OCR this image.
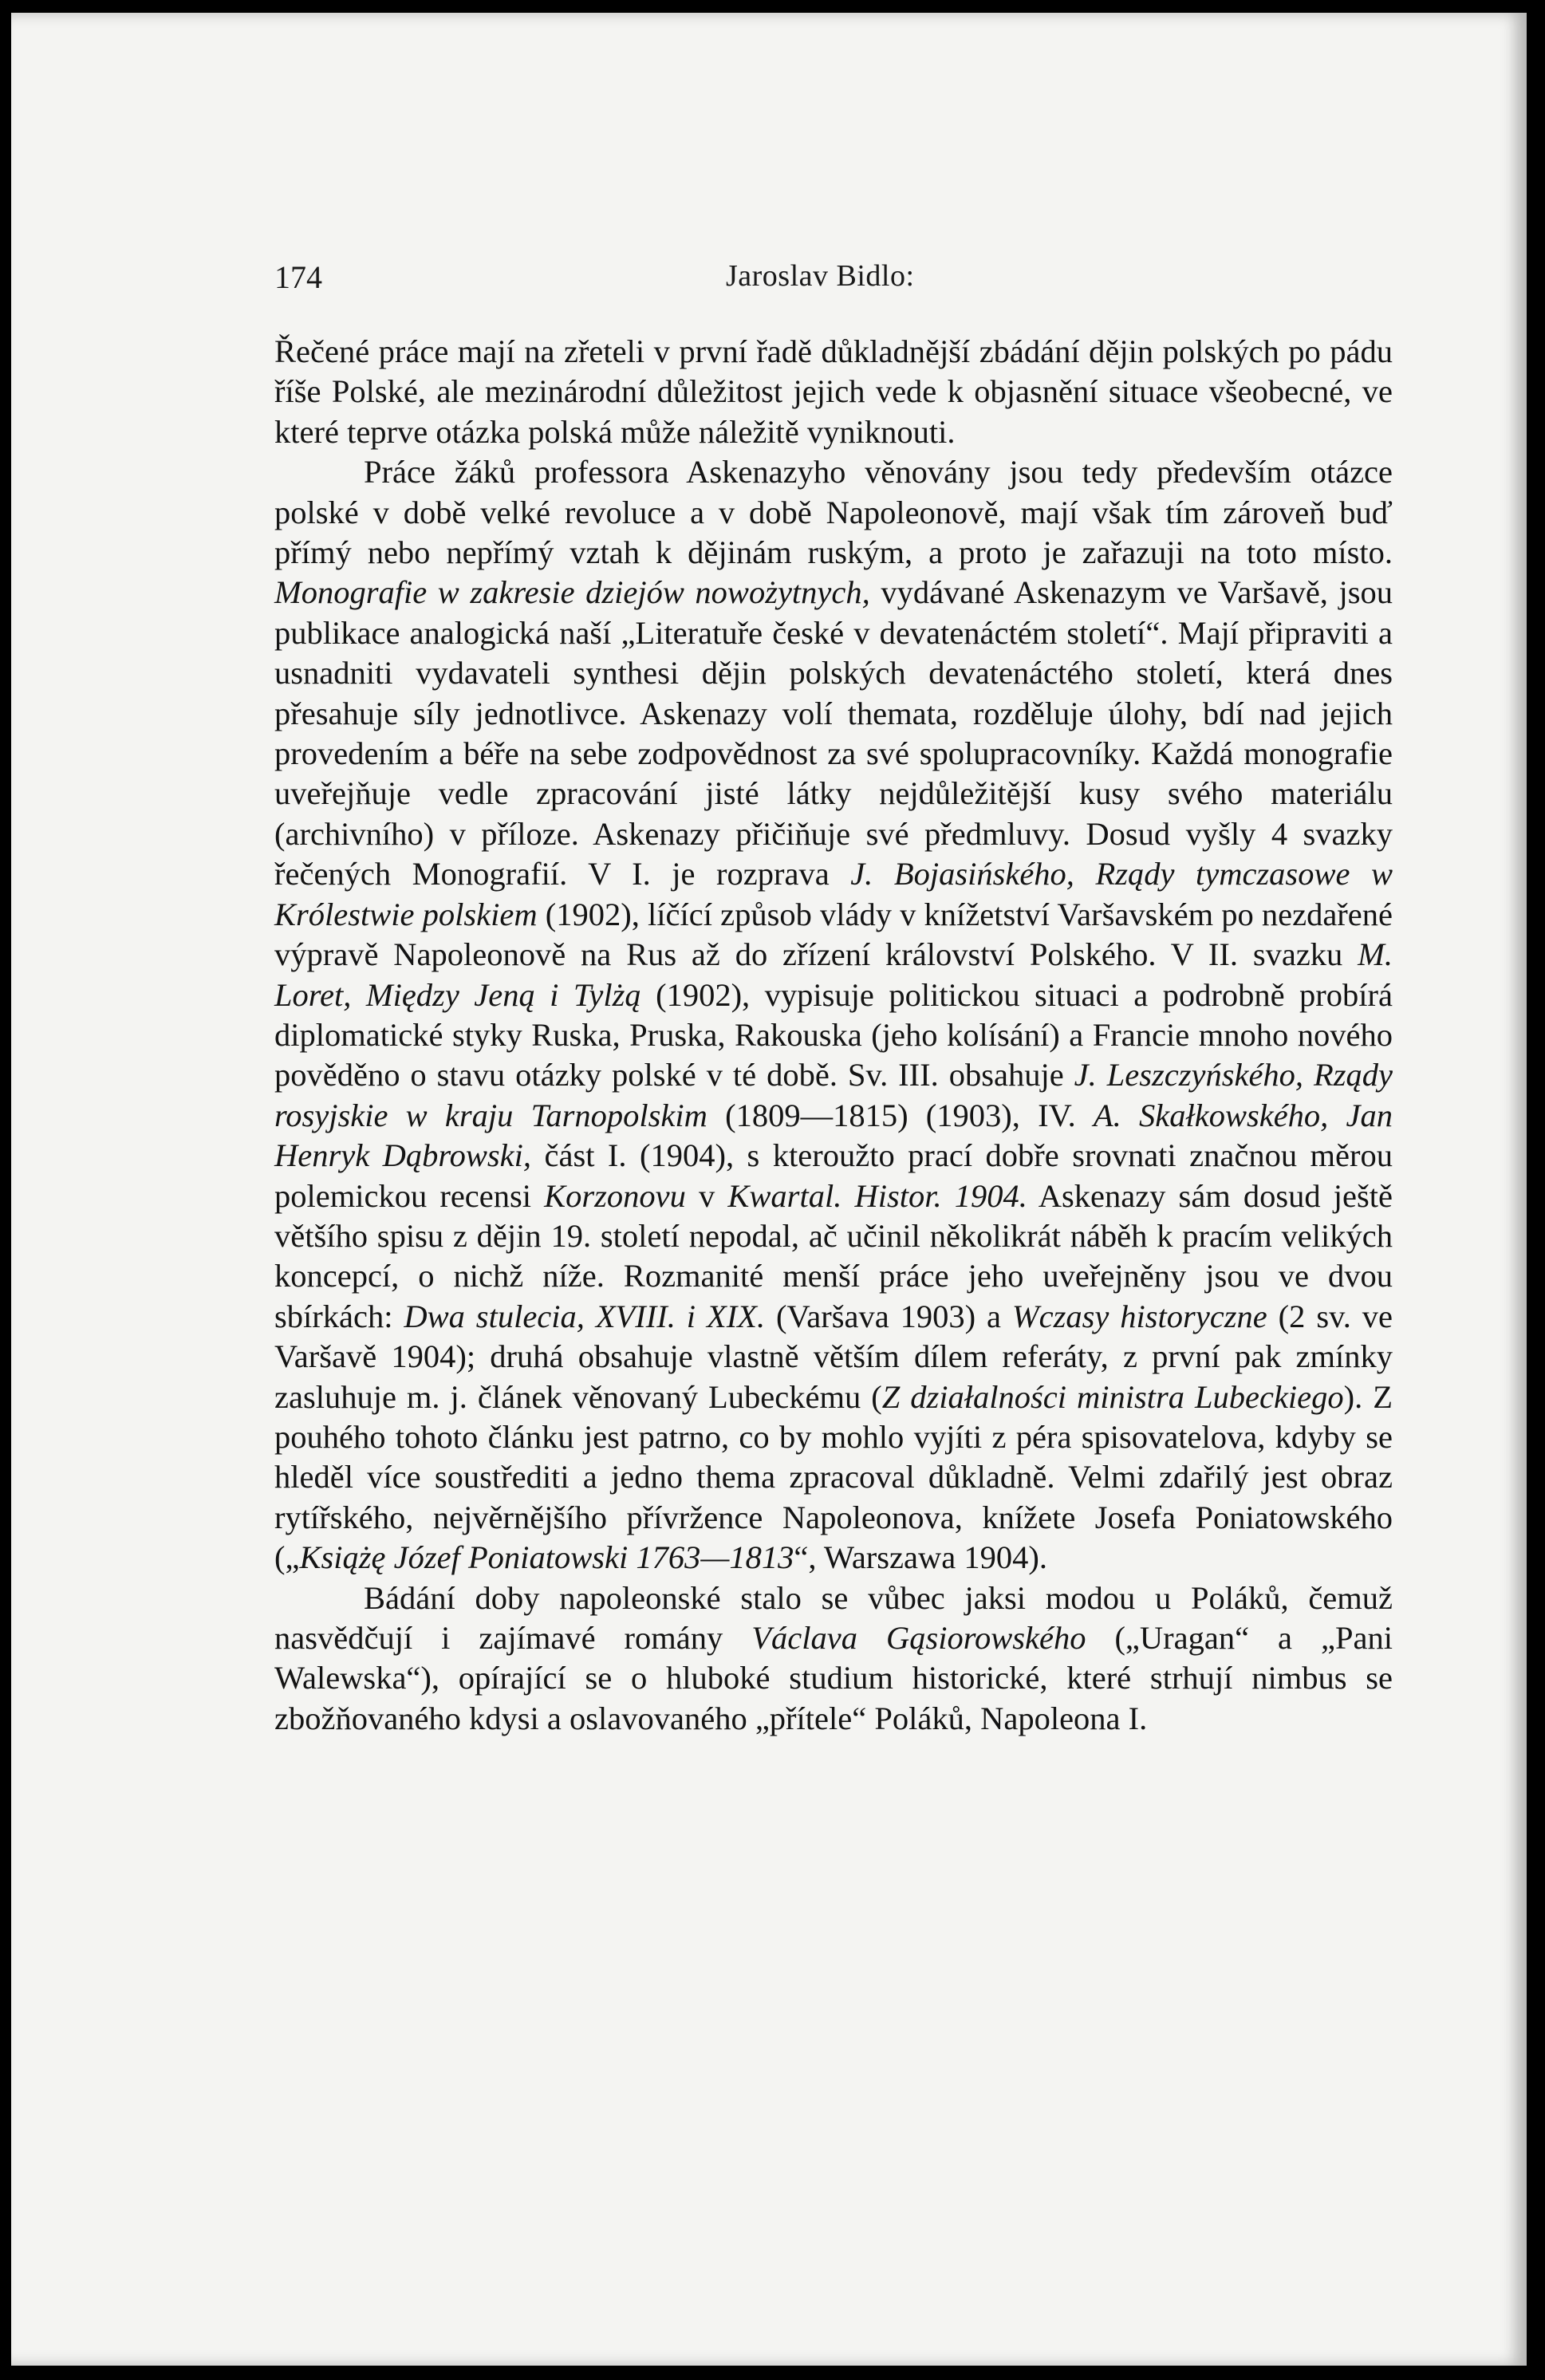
174	Jaroslav Bidlo:

Řečené práce mají na zřeteli v první řadě důkladnější zbádání dějin polských po pádu říše Polské, ale mezinárodní důležitost jejich vede k objasnění situace všeobecné, ve které teprve otázka polská může náležitě vyniknouti.

Práce žáků professora Askenazyho věnovány jsou tedy především otázce polské v době velké revoluce a v době Napoleonově, mají však tím zároveň buď přímý nebo nepřímý vztah k dějinám ruským, a proto je zařazuji na toto místo. Monografie w zakresie dziejów nowożytnych, vydávané Askenazym ve Varšavě, jsou publikace analogická naší „Literatuře české v devatenáctém století“. Mají připraviti a usnadniti vydavateli synthesi dějin polských devatenáctého století, která dnes přesahuje síly jednotlivce. Askenazy volí themata, rozděluje úlohy, bdí nad jejich provedením a béře na sebe zodpovědnost za své spolupracovníky. Každá monografie uveřejňuje vedle zpracování jisté látky nejdůležitější kusy svého materiálu (archivního) v příloze. Askenazy přičiňuje své předmluvy. Dosud vyšly 4 svazky řečených Monografií. V I. je rozprava J. Bojasińského, Rządy tymczasowe w Królestwie polskiem (1902), líčící způsob vlády v knížetství Varšavském po nezdařené výpravě Napoleonově na Rus až do zřízení království Polského. V II. svazku M. Loret, Między Jeną i Tylżą (1902), vypisuje politickou situaci a podrobně probírá diplomatické styky Ruska, Pruska, Rakouska (jeho kolísání) a Francie mnoho nového pověděno o stavu otázky polské v té době. Sv. III. obsahuje J. Leszczyńského, Rządy rosyjskie w kraju Tarnopolskim (1809—1815) (1903), IV. A. Skałkowského, Jan Henryk Dąbrowski, část I. (1904), s kteroužto prací dobře srovnati značnou měrou polemickou recensi Korzonovu v Kwartal. Histor. 1904. Askenazy sám dosud ještě většího spisu z dějin 19. století nepodal, ač učinil několikrát náběh k pracím velikých koncepcí, o nichž níže. Rozmanité menší práce jeho uveřejněny jsou ve dvou sbírkách: Dwa stulecia, XVIII. i XIX. (Varšava 1903) a Wczasy historyczne (2 sv. ve Varšavě 1904); druhá obsahuje vlastně větším dílem referáty, z první pak zmínky zasluhuje m. j. článek věnovaný Lubeckému (Z działalności ministra Lubeckiego). Z pouhého tohoto článku jest patrno, co by mohlo vyjíti z péra spisovatelova, kdyby se hleděl více soustřediti a jedno thema zpracoval důkladně. Velmi zdařilý jest obraz rytířského, nejvěrnějšího přívržence Napoleonova, knížete Josefa Poniatowského („Książę Józef Poniatowski 1763—1813“, Warszawa 1904).

Bádání doby napoleonské stalo se vůbec jaksi modou u Poláků, čemuž nasvědčují i zajímavé romány Václava Gąsiorowského („Uragan“ a „Pani Walewska“), opírající se o hluboké studium historické, které strhují nimbus se zbožňovaného kdysi a oslavovaného „přítele“ Poláků, Napoleona I.
